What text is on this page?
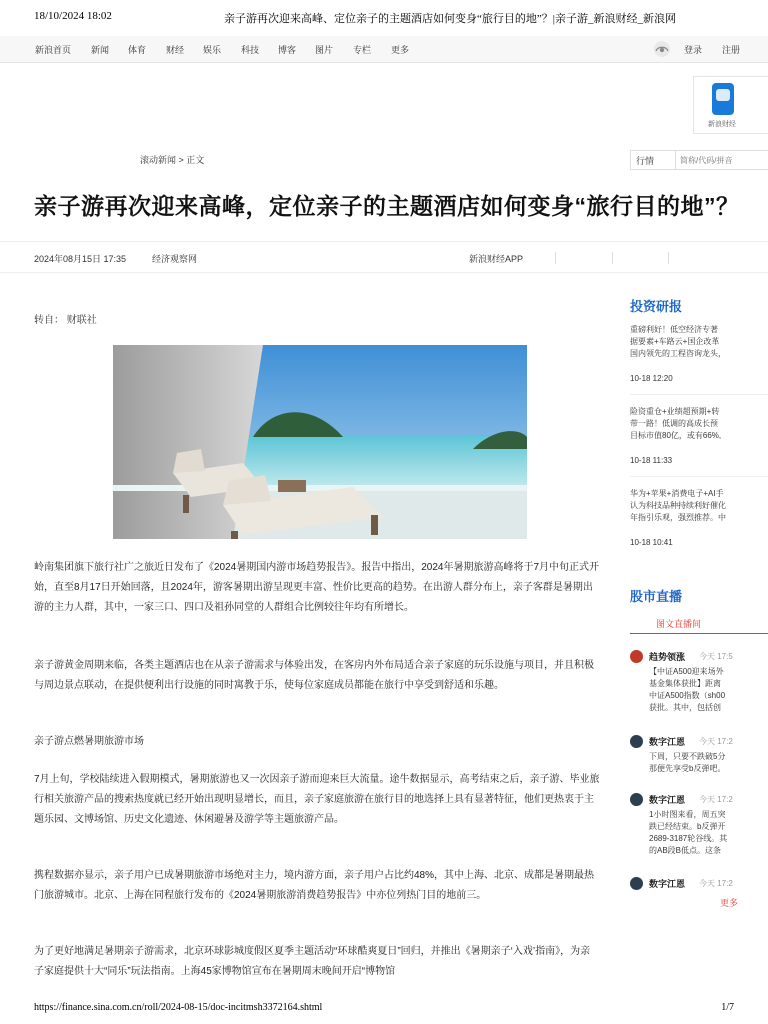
18/10/2024 18:02	亲子游再次迎来高峰、定位亲子的主题酒店如何变身“旅行目的地”？|亲子游_新浪财经_新浪网
新浪首页 新闻 体育 财经 娱乐 科技 博客 图片 专栏 更多	登录 注册
新浪财经
滚动新闻 > 正文	行情
简称/代码/拼音
亲子游再次迎来高峰，定位亲子的主题酒店如何变身“旅行目的地”？
2024年08月15日 17:35	经济观察网	新浪财经APP
转自： 财联社

岭南集团旗下旅行社广之旅近日发布了《2024暑期国内游市场趋势报告》。报告中指出，2024年暑期旅游高峰将于7月中旬正式开始，直至8月17日开始回落，且2024年，游客暑期出游呈现更丰富、性价比更高的趋势。在出游人群分布上，亲子客群是暑期出游的主力人群，其中，一家三口、四口及祖孙同堂的人群组合比例较往年均有所增长。

亲子游黄金周期来临，各类主题酒店也在从亲子游需求与体验出发，在客房内外布局适合亲子家庭的玩乐设施与项目，并且积极与周边景点联动，在提供便利出行设施的同时寓教于乐，使每位家庭成员都能在旅行中享受到舒适和乐趣。

亲子游点燃暑期旅游市场

7月上旬，学校陆续进入假期模式，暑期旅游也又一次因亲子游而迎来巨大流量。途牛数据显示，高考结束之后，亲子游、毕业旅行相关旅游产品的搜索热度就已经开始出现明显增长，而且，亲子家庭旅游在旅行目的地选择上具有显著特征，他们更热衷于主题乐园、文博场馆、历史文化遗迹、休闲避暑及游学等主题旅游产品。

携程数据亦显示，亲子用户已成暑期旅游市场绝对主力，境内游方面，亲子用户占比约48%，其中上海、北京、成都是暑期最热门旅游城市。北京、上海在同程旅行发布的《2024暑期旅游消费趋势报告》中亦位列热门目的地前三。

为了更好地满足暑期亲子游需求，北京环球影城度假区夏季主题活动“环球酷爽夏日”回归，并推出《暑期亲子‘入戏’指南》，为亲子家庭提供十大“同乐”玩法指南。上海45家博物馆宣布在暑期周末晚间开启“博物馆

投资研报
重磅利好！低空经济专著
据要素+车路云+国企改革
国内领先的工程咨询龙头，
10-18 12:20
险资重仓+业绩超预期+转
带一路！低调的高成长预
目标市值80亿，或有66%,
10-18 11:33
华为+苹果+消费电子+AI手
认为科技品种持续利好催化
年指引乐观，强烈推荐。中
10-18 10:41
股市直播
图文直播间
趋势领涨 今天 17:5
【中证A500迎来场外
基金集体获批】距离
中证A500指数（sh00
获批。其中，包括创
数字江恩 今天 17:2
下周，只要不跌破5分
那便先享受b反弹吧。
数字江恩 今天 17:2
1小时图来看，周五突
跌已经结束。b反弹开
2689-3187轮谷线。其
的AB段B低点。这条
数字江恩 今天 17:2
更多
https://finance.sina.com.cn/roll/2024-08-15/doc-incitmsh3372164.shtml	1/7
